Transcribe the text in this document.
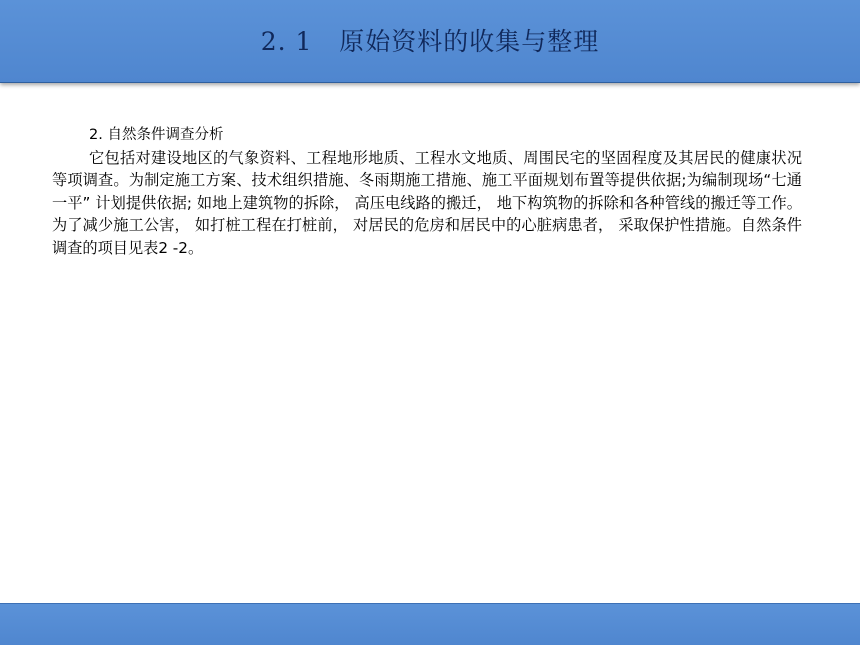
2. 1   原始资料的收集与整理
2. 自然条件调查分析
它包括对建设地区的气象资料、工程地形地质、工程水文地质、周围民宅的坚固程度及其居民的健康状况等项调查。为制定施工方案、技术组织措施、冬雨期施工措施、施工平面规划布置等提供依据;为编制现场“七通一平” 计划提供依据; 如地上建筑物的拆除， 高压电线路的搬迁， 地下构筑物的拆除和各种管线的搬迁等工作。为了减少施工公害， 如打桩工程在打桩前， 对居民的危房和居民中的心脏病患者， 采取保护性措施。自然条件调查的项目见表2 -2。
